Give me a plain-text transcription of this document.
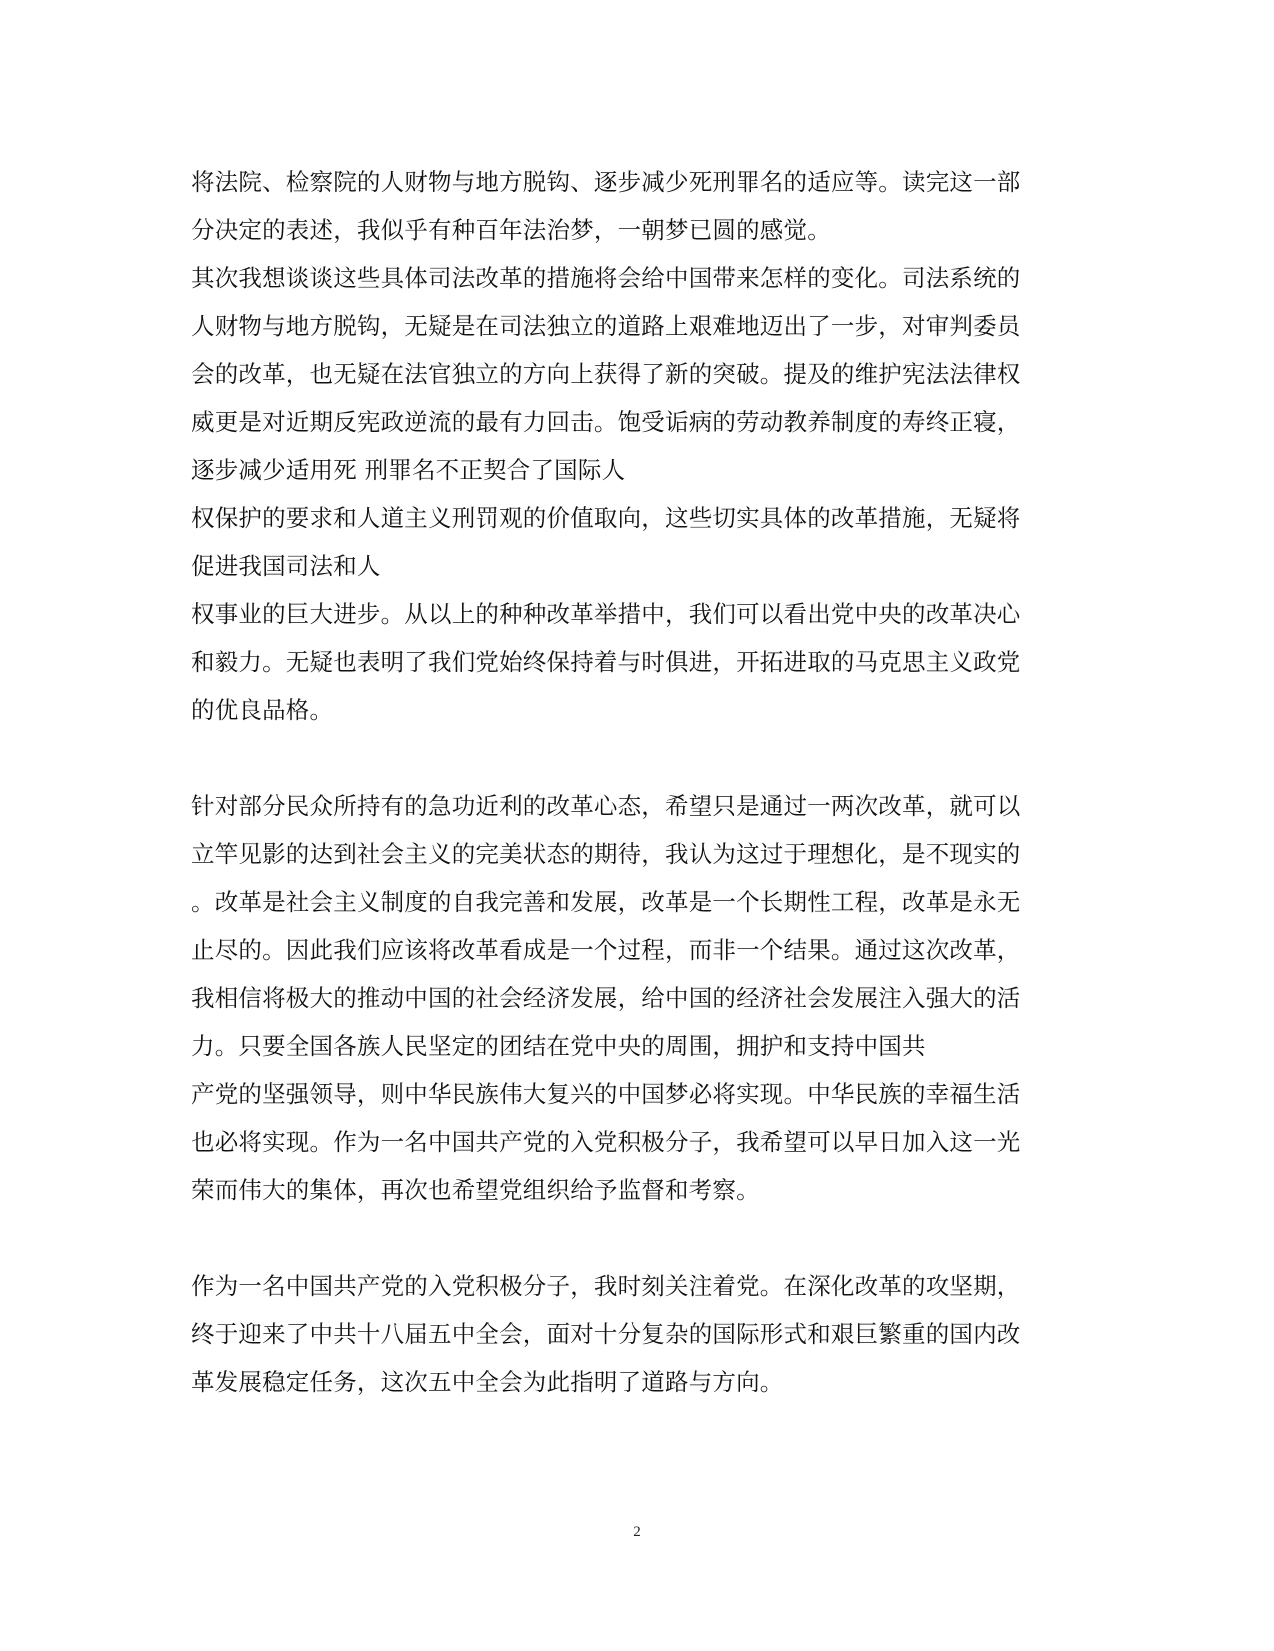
将法院、检察院的人财物与地方脱钩、逐步减少死刑罪名的适应等。读完这一部
分决定的表述，我似乎有种百年法治梦，一朝梦已圆的感觉。
其次我想谈谈这些具体司法改革的措施将会给中国带来怎样的变化。司法系统的
人财物与地方脱钩，无疑是在司法独立的道路上艰难地迈出了一步，对审判委员
会的改革，也无疑在法官独立的方向上获得了新的突破。提及的维护宪法法律权
威更是对近期反宪政逆流的最有力回击。饱受诟病的劳动教养制度的寿终正寝，
逐步减少适用死 刑罪名不正契合了国际人
权保护的要求和人道主义刑罚观的价值取向，这些切实具体的改革措施，无疑将
促进我国司法和人
权事业的巨大进步。从以上的种种改革举措中，我们可以看出党中央的改革决心
和毅力。无疑也表明了我们党始终保持着与时俱进，开拓进取的马克思主义政党
的优良品格。
针对部分民众所持有的急功近利的改革心态，希望只是通过一两次改革，就可以
立竿见影的达到社会主义的完美状态的期待，我认为这过于理想化，是不现实的
。改革是社会主义制度的自我完善和发展，改革是一个长期性工程，改革是永无
止尽的。因此我们应该将改革看成是一个过程，而非一个结果。通过这次改革，
我相信将极大的推动中国的社会经济发展，给中国的经济社会发展注入强大的活
力。只要全国各族人民坚定的团结在党中央的周围，拥护和支持中国共
产党的坚强领导，则中华民族伟大复兴的中国梦必将实现。中华民族的幸福生活
也必将实现。作为一名中国共产党的入党积极分子，我希望可以早日加入这一光
荣而伟大的集体，再次也希望党组织给予监督和考察。
作为一名中国共产党的入党积极分子，我时刻关注着党。在深化改革的攻坚期，
终于迎来了中共十八届五中全会，面对十分复杂的国际形式和艰巨繁重的国内改
革发展稳定任务，这次五中全会为此指明了道路与方向。
2
